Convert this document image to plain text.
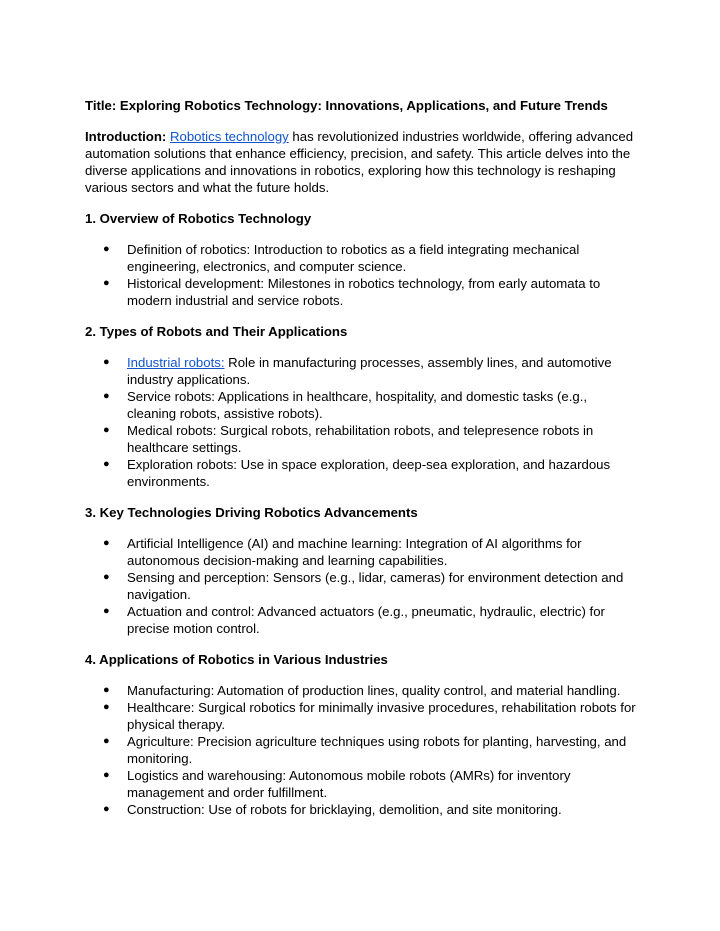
Title: Exploring Robotics Technology: Innovations, Applications, and Future Trends

Introduction: Robotics technology has revolutionized industries worldwide, offering advanced automation solutions that enhance efficiency, precision, and safety. This article delves into the diverse applications and innovations in robotics, exploring how this technology is reshaping various sectors and what the future holds.

1. Overview of Robotics Technology
● Definition of robotics: Introduction to robotics as a field integrating mechanical engineering, electronics, and computer science.
● Historical development: Milestones in robotics technology, from early automata to modern industrial and service robots.
2. Types of Robots and Their Applications
● Industrial robots: Role in manufacturing processes, assembly lines, and automotive industry applications.
● Service robots: Applications in healthcare, hospitality, and domestic tasks (e.g., cleaning robots, assistive robots).
● Medical robots: Surgical robots, rehabilitation robots, and telepresence robots in healthcare settings.
● Exploration robots: Use in space exploration, deep-sea exploration, and hazardous environments.
3. Key Technologies Driving Robotics Advancements
● Artificial Intelligence (AI) and machine learning: Integration of AI algorithms for autonomous decision-making and learning capabilities.
● Sensing and perception: Sensors (e.g., lidar, cameras) for environment detection and navigation.
● Actuation and control: Advanced actuators (e.g., pneumatic, hydraulic, electric) for precise motion control.
4. Applications of Robotics in Various Industries
● Manufacturing: Automation of production lines, quality control, and material handling.
● Healthcare: Surgical robotics for minimally invasive procedures, rehabilitation robots for physical therapy.
● Agriculture: Precision agriculture techniques using robots for planting, harvesting, and monitoring.
● Logistics and warehousing: Autonomous mobile robots (AMRs) for inventory management and order fulfillment.
● Construction: Use of robots for bricklaying, demolition, and site monitoring.
